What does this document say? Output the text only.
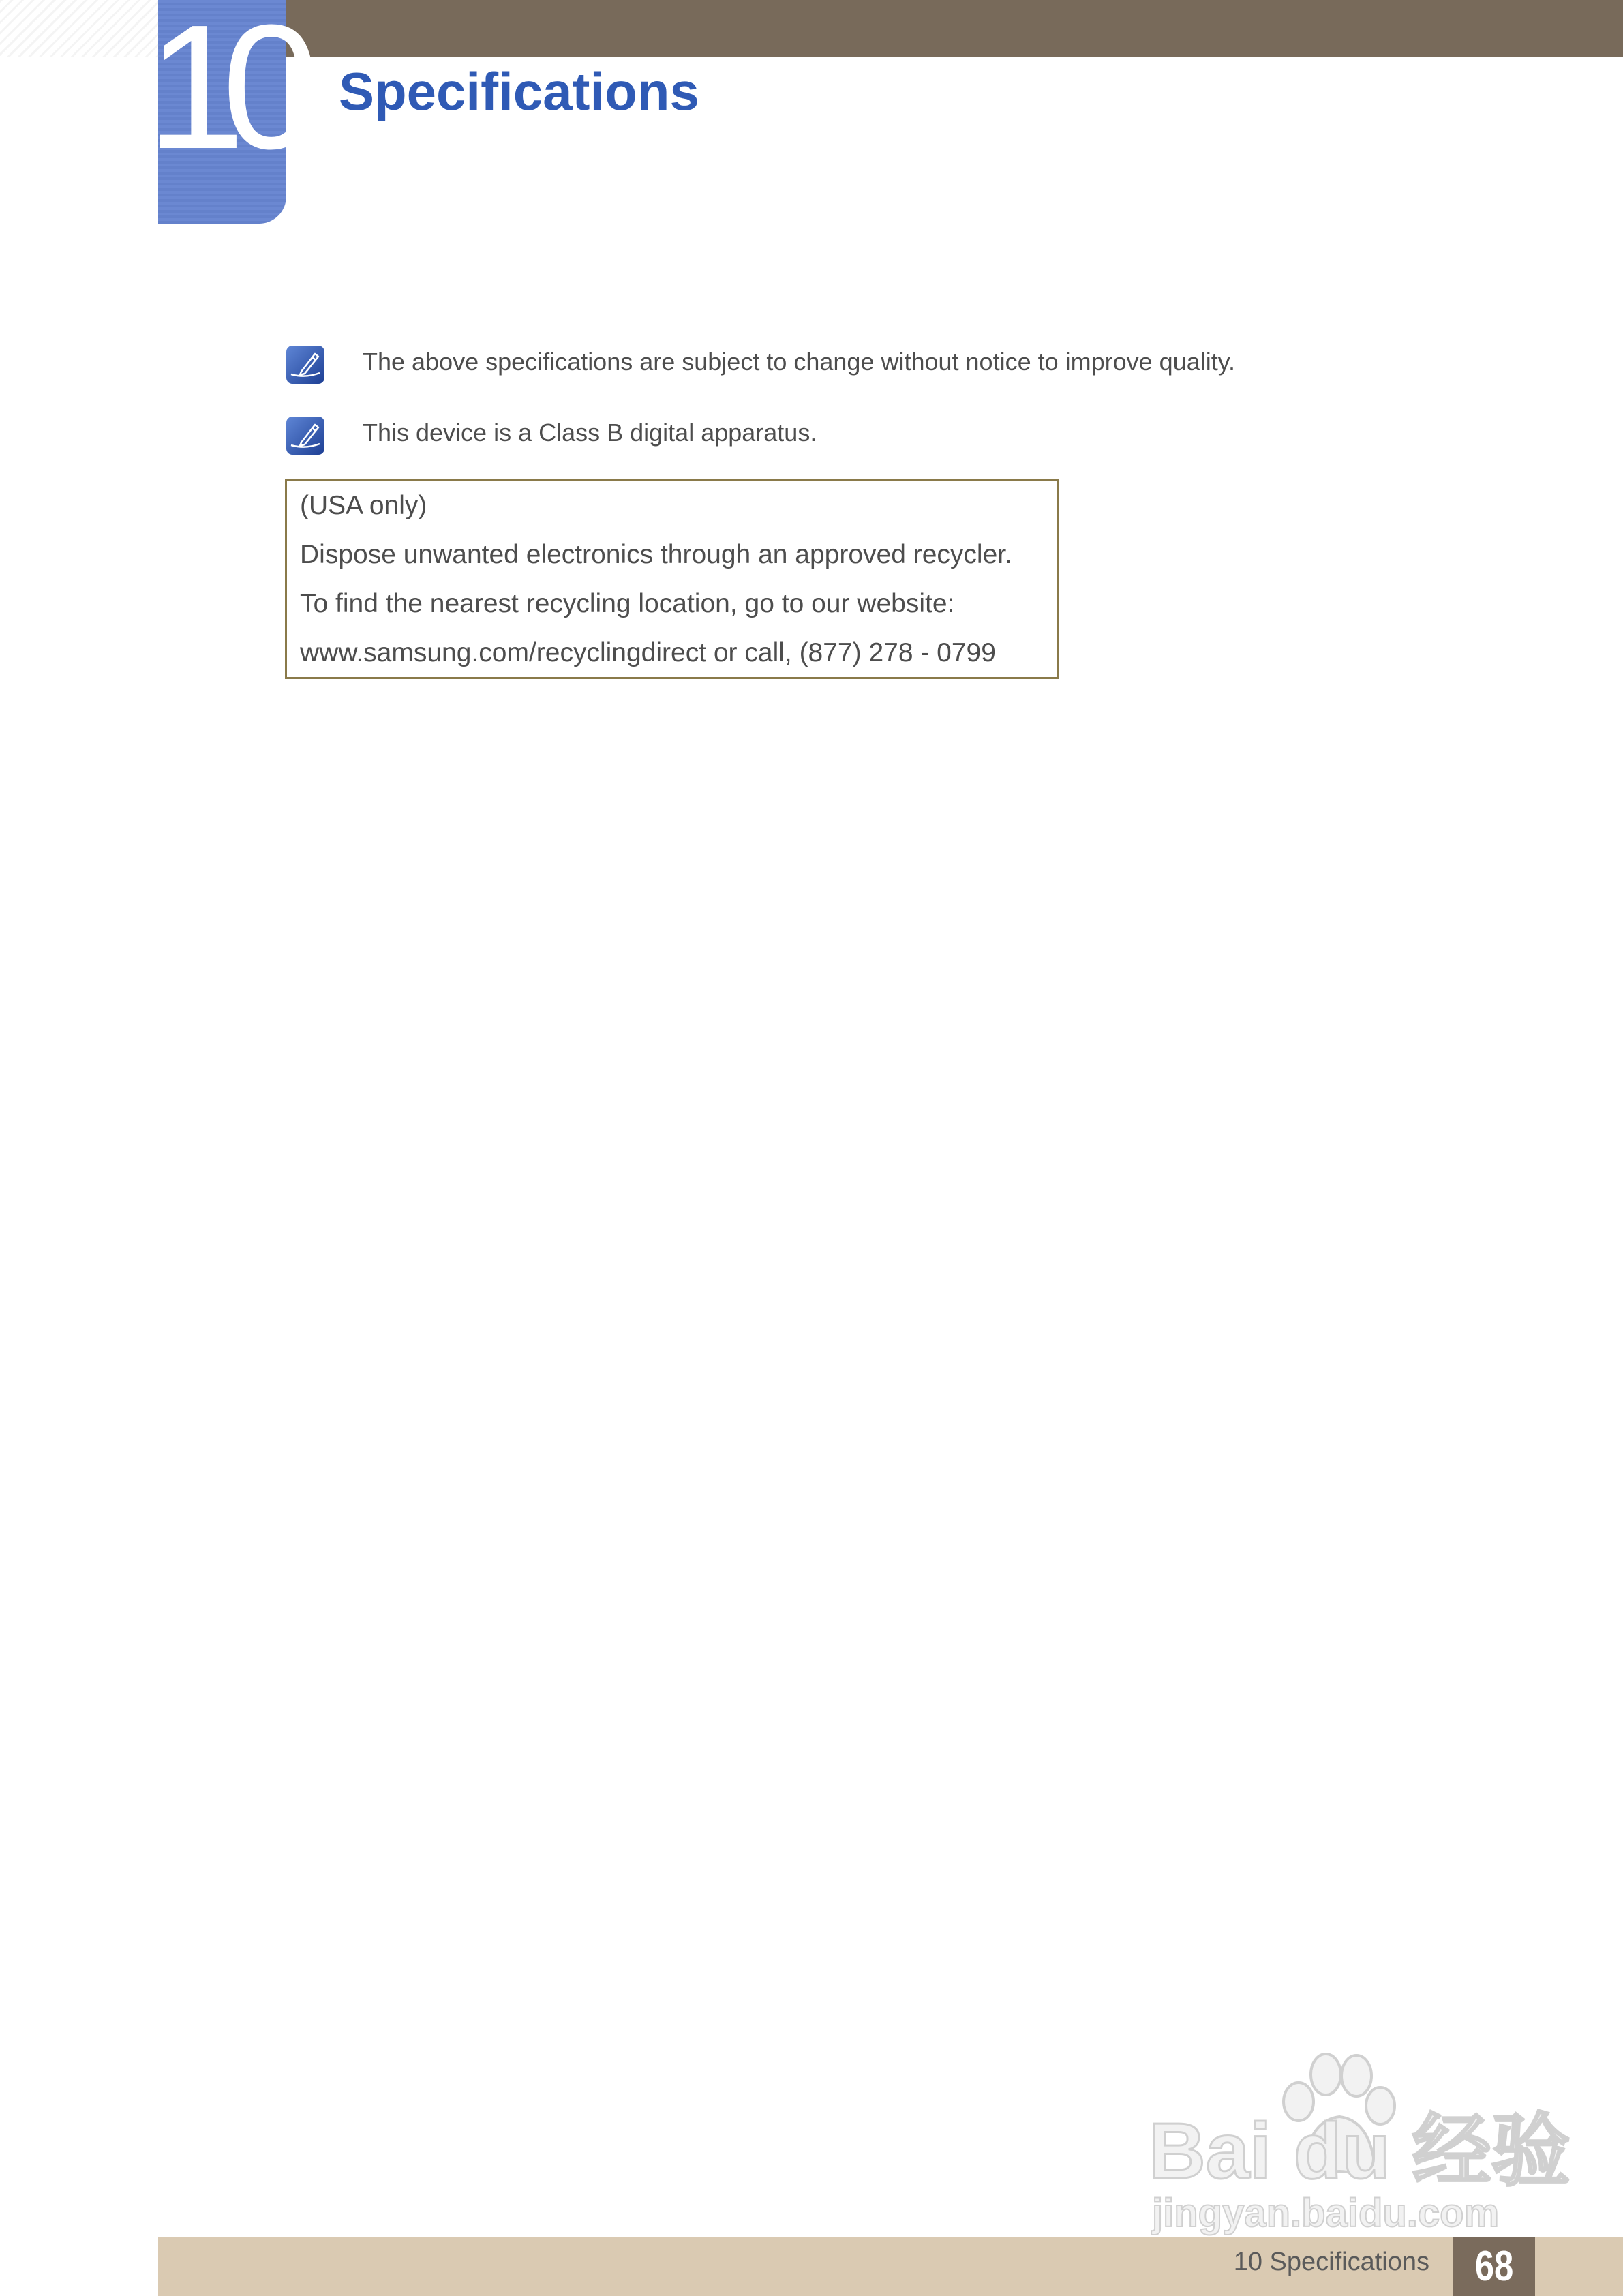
10 Specifications
The above specifications are subject to change without notice to improve quality.
This device is a Class B digital apparatus.
(USA only)
Dispose unwanted electronics through an approved recycler.
To find the nearest recycling location, go to our website:
www.samsung.com/recyclingdirect or call, (877) 278 - 0799
Bai du 经验
jingyan.baidu.com
10 Specifications	68
